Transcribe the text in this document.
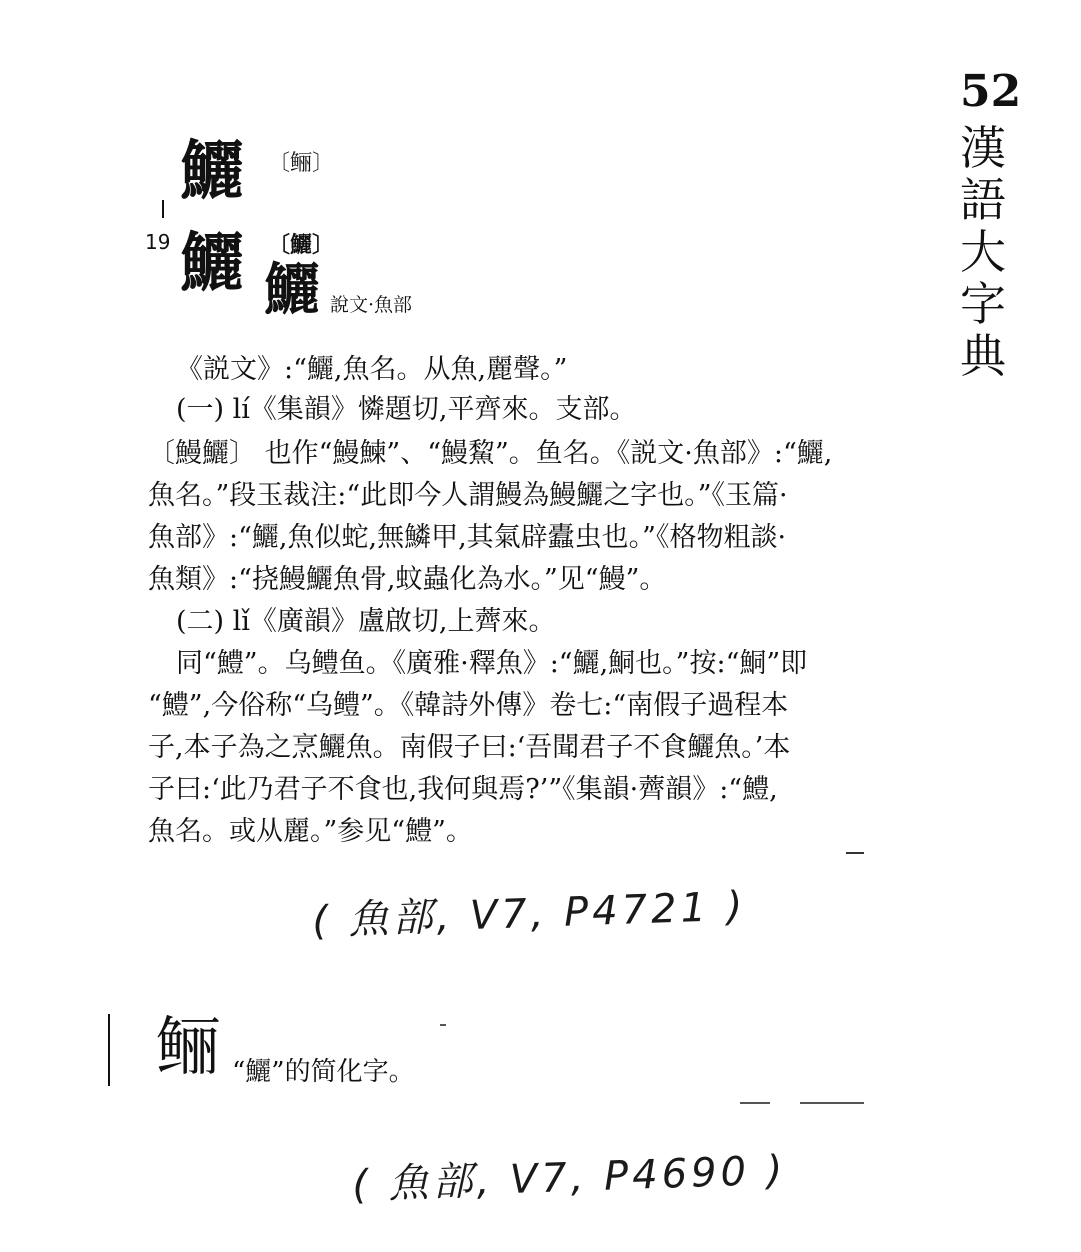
52
漢語大字典
鱺 〔鲡〕
19 鱺 〔鱺〕
鱺 說文·魚部
《説文》:“鱺,魚名。从魚,麗聲。”
(一) lí《集韻》憐題切,平齊來。支部。
〔鰻鱺〕 也作“鰻鰊”、“鰻鯬”。鱼名。《説文·魚部》:“鱺,
魚名。”段玉裁注:“此即今人謂鰻為鰻鱺之字也。”《玉篇·
魚部》:“鱺,魚似蛇,無鱗甲,其氣辟蠹虫也。”《格物粗談·
魚類》:“挠鰻鱺魚骨,蚊蟲化為水。”见“鰻”。
(二) lǐ《廣韻》盧啟切,上薺來。
同“鱧”。乌鳢鱼。《廣雅·釋魚》:“鱺,鮦也。”按:“鮦”即
“鱧”,今俗称“乌鳢”。《韓詩外傳》卷七:“南假子過程本
子,本子為之烹鱺魚。南假子曰:‘吾聞君子不食鱺魚。’本
子曰:‘此乃君子不食也,我何與焉?’”《集韻·薺韻》:“鱧,
魚名。或从麗。”参见“鱧”。
( 魚部, V7, P4721 )
鲡 “鱺”的简化字。
( 魚部, V7, P4690 )
